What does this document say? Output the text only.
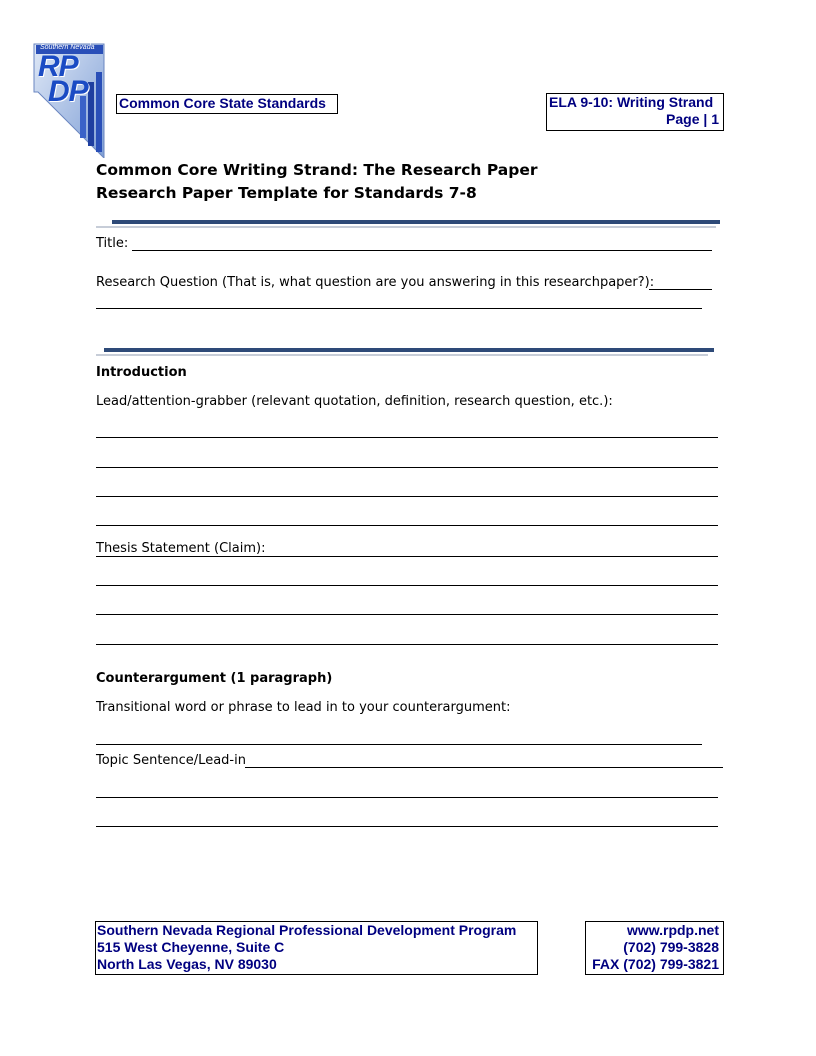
Southern Nevada
RP
DP Common Core State Standards	ELA 9-10: Writing Strand
Page | 1
Common Core Writing Strand: The Research Paper
Research Paper Template for Standards 7-8
Title:
Research Question (That is, what question are you answering in this researchpaper?):
Introduction
Lead/attention-grabber (relevant quotation, definition, research question, etc.):
Thesis Statement (Claim):
Counterargument (1 paragraph)
Transitional word or phrase to lead in to your counterargument:
Topic Sentence/Lead-in
Southern Nevada Regional Professional Development Program
515 West Cheyenne, Suite C
North Las Vegas, NV 89030
www.rpdp.net
(702) 799-3828
FAX (702) 799-3821
